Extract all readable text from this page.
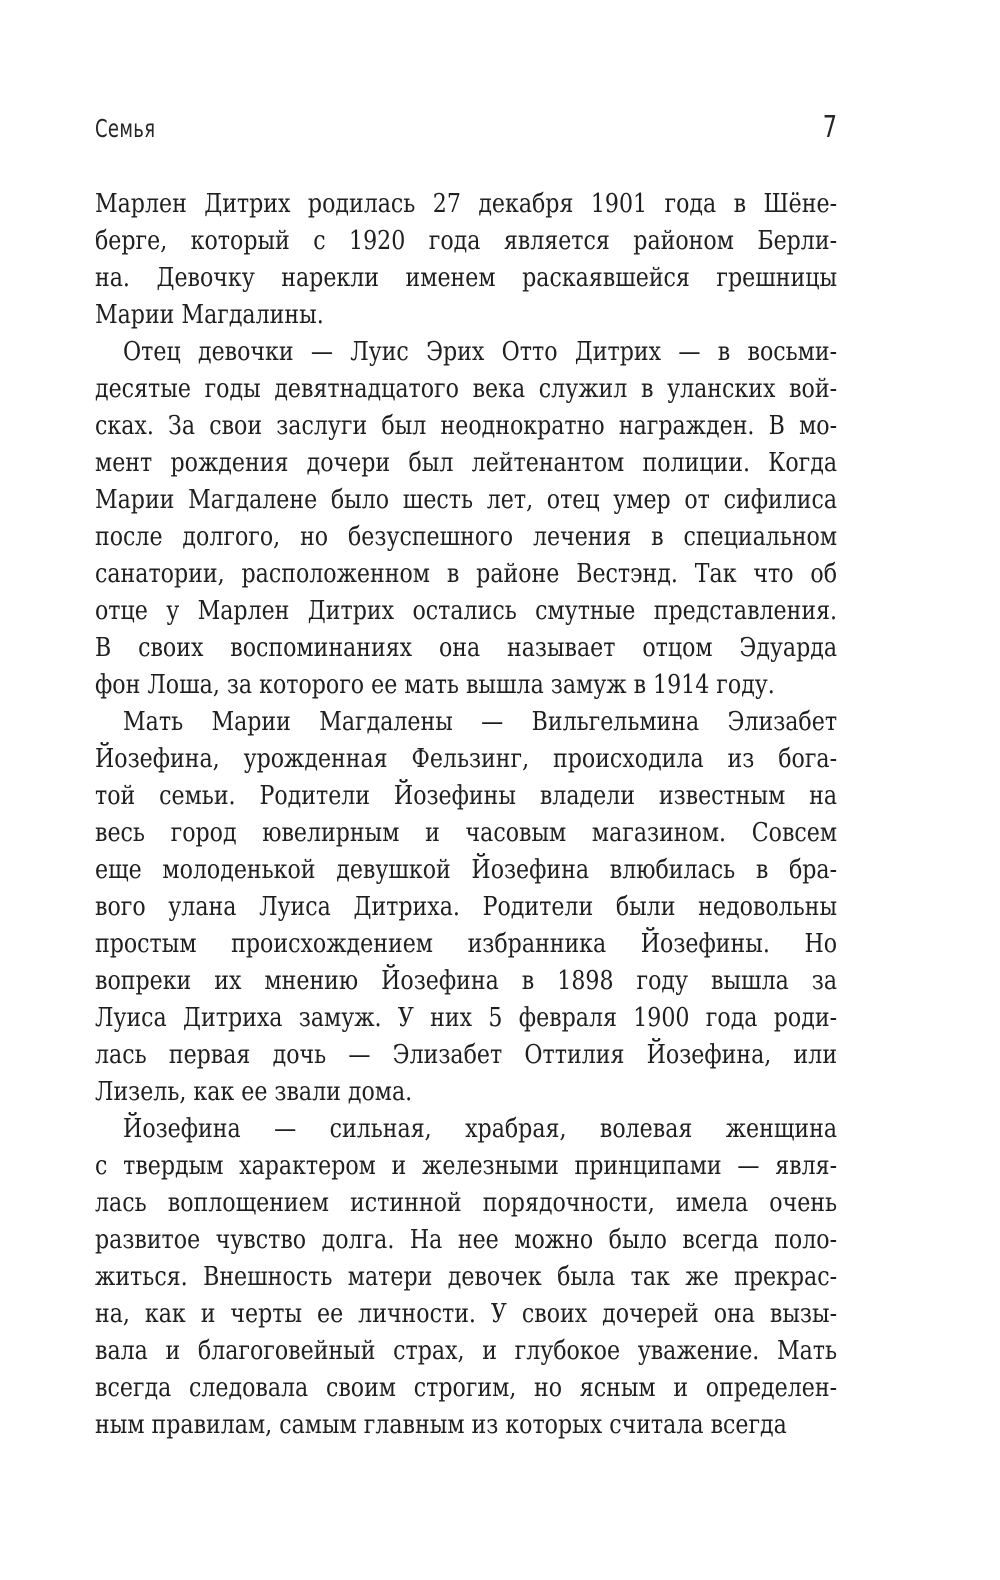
Семья	7
Марлен Дитрих родилась 27 декабря 1901 года в Шёне-
берге, который с 1920 года является районом Берли-
на. Девочку нарекли именем раскаявшейся грешницы
Марии Магдалины.
Отец девочки — Луис Эрих Отто Дитрих — в восьми-
десятые годы девятнадцатого века служил в уланских вой-
сках. За свои заслуги был неоднократно награжден. В мо-
мент рождения дочери был лейтенантом полиции. Когда
Марии Магдалене было шесть лет, отец умер от сифилиса
после долгого, но безуспешного лечения в специальном
санатории, расположенном в районе Вестэнд. Так что об
отце у Марлен Дитрих остались смутные представления.
В своих воспоминаниях она называет отцом Эдуарда
фон Лоша, за которого ее мать вышла замуж в 1914 году.
Мать Марии Магдалены — Вильгельмина Элизабет
Йозефина, урожденная Фельзинг, происходила из бога-
той семьи. Родители Йозефины владели известным на
весь город ювелирным и часовым магазином. Совсем
еще молоденькой девушкой Йозефина влюбилась в бра-
вого улана Луиса Дитриха. Родители были недовольны
простым происхождением избранника Йозефины. Но
вопреки их мнению Йозефина в 1898 году вышла за
Луиса Дитриха замуж. У них 5 февраля 1900 года роди-
лась первая дочь — Элизабет Оттилия Йозефина, или
Лизель, как ее звали дома.
Йозефина — сильная, храбрая, волевая женщина
с твердым характером и железными принципами — явля-
лась воплощением истинной порядочности, имела очень
развитое чувство долга. На нее можно было всегда поло-
житься. Внешность матери девочек была так же прекрас-
на, как и черты ее личности. У своих дочерей она вызы-
вала и благоговейный страх, и глубокое уважение. Мать
всегда следовала своим строгим, но ясным и определен-
ным правилам, самым главным из которых считала всегда
